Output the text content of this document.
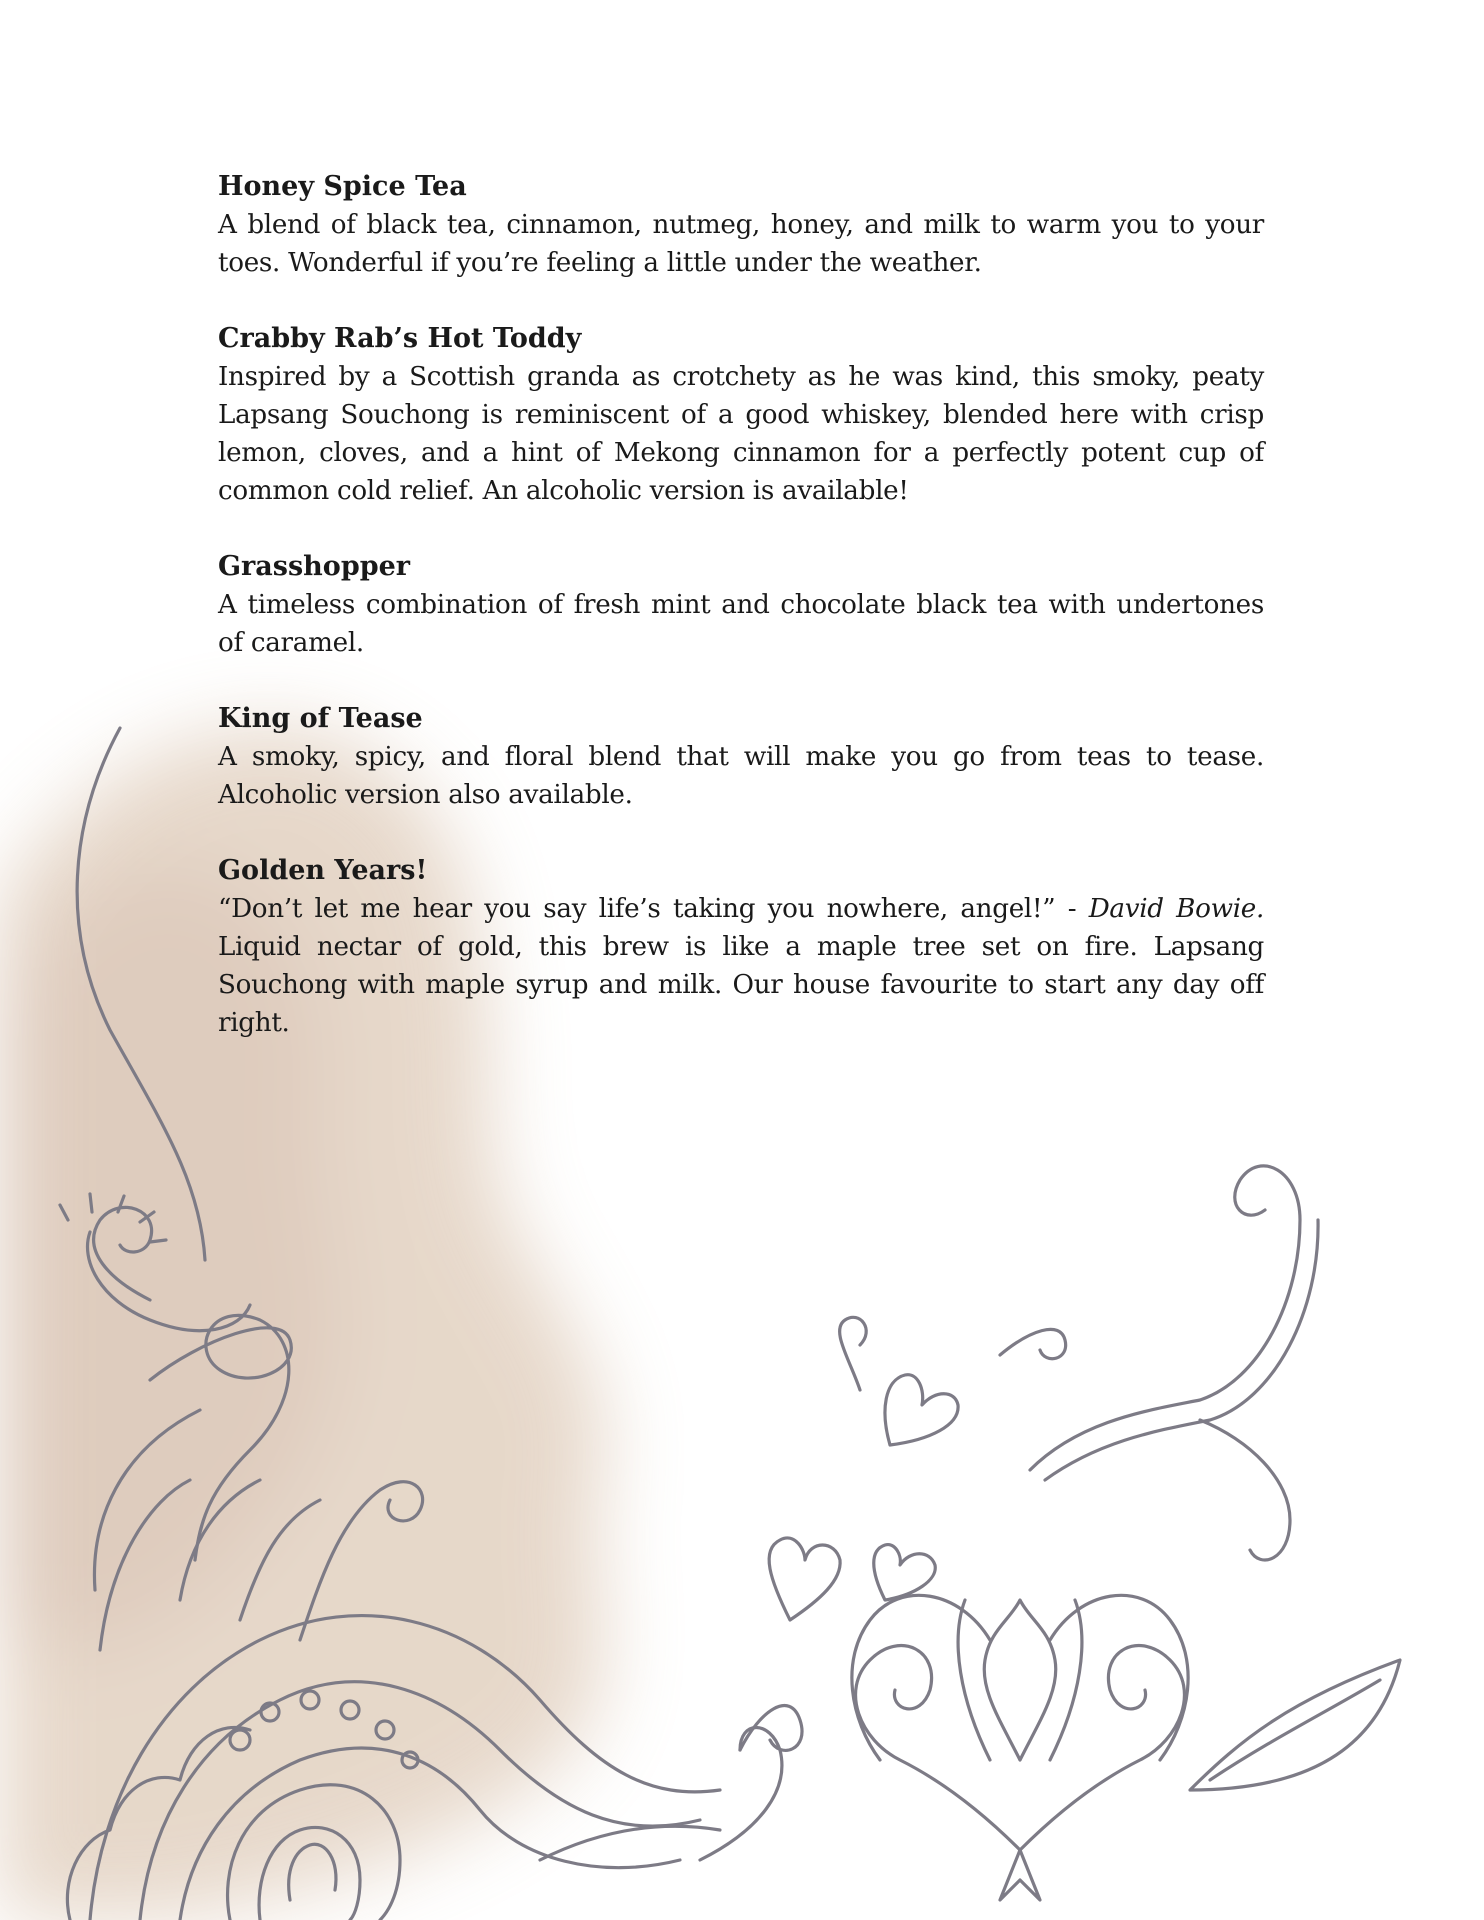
Honey Spice Tea

A blend of black tea, cinnamon, nutmeg, honey, and milk to warm you to your toes. Wonderful if you’re feeling a little under the weather.

Crabby Rab’s Hot Toddy

Inspired by a Scottish granda as crotchety as he was kind, this smoky, peaty Lapsang Souchong is reminiscent of a good whiskey, blended here with crisp lemon, cloves, and a hint of Mekong cinnamon for a perfectly potent cup of common cold relief. An alcoholic version is available!

Grasshopper

A timeless combination of fresh mint and chocolate black tea with undertones of caramel.

King of Tease

A smoky, spicy, and floral blend that will make you go from teas to tease. Alcoholic version also available.

Golden Years!

“Don’t let me hear you say life’s taking you nowhere, angel!” - David Bowie. Liquid nectar of gold, this brew is like a maple tree set on fire. Lapsang Souchong with maple syrup and milk. Our house favourite to start any day off right.
